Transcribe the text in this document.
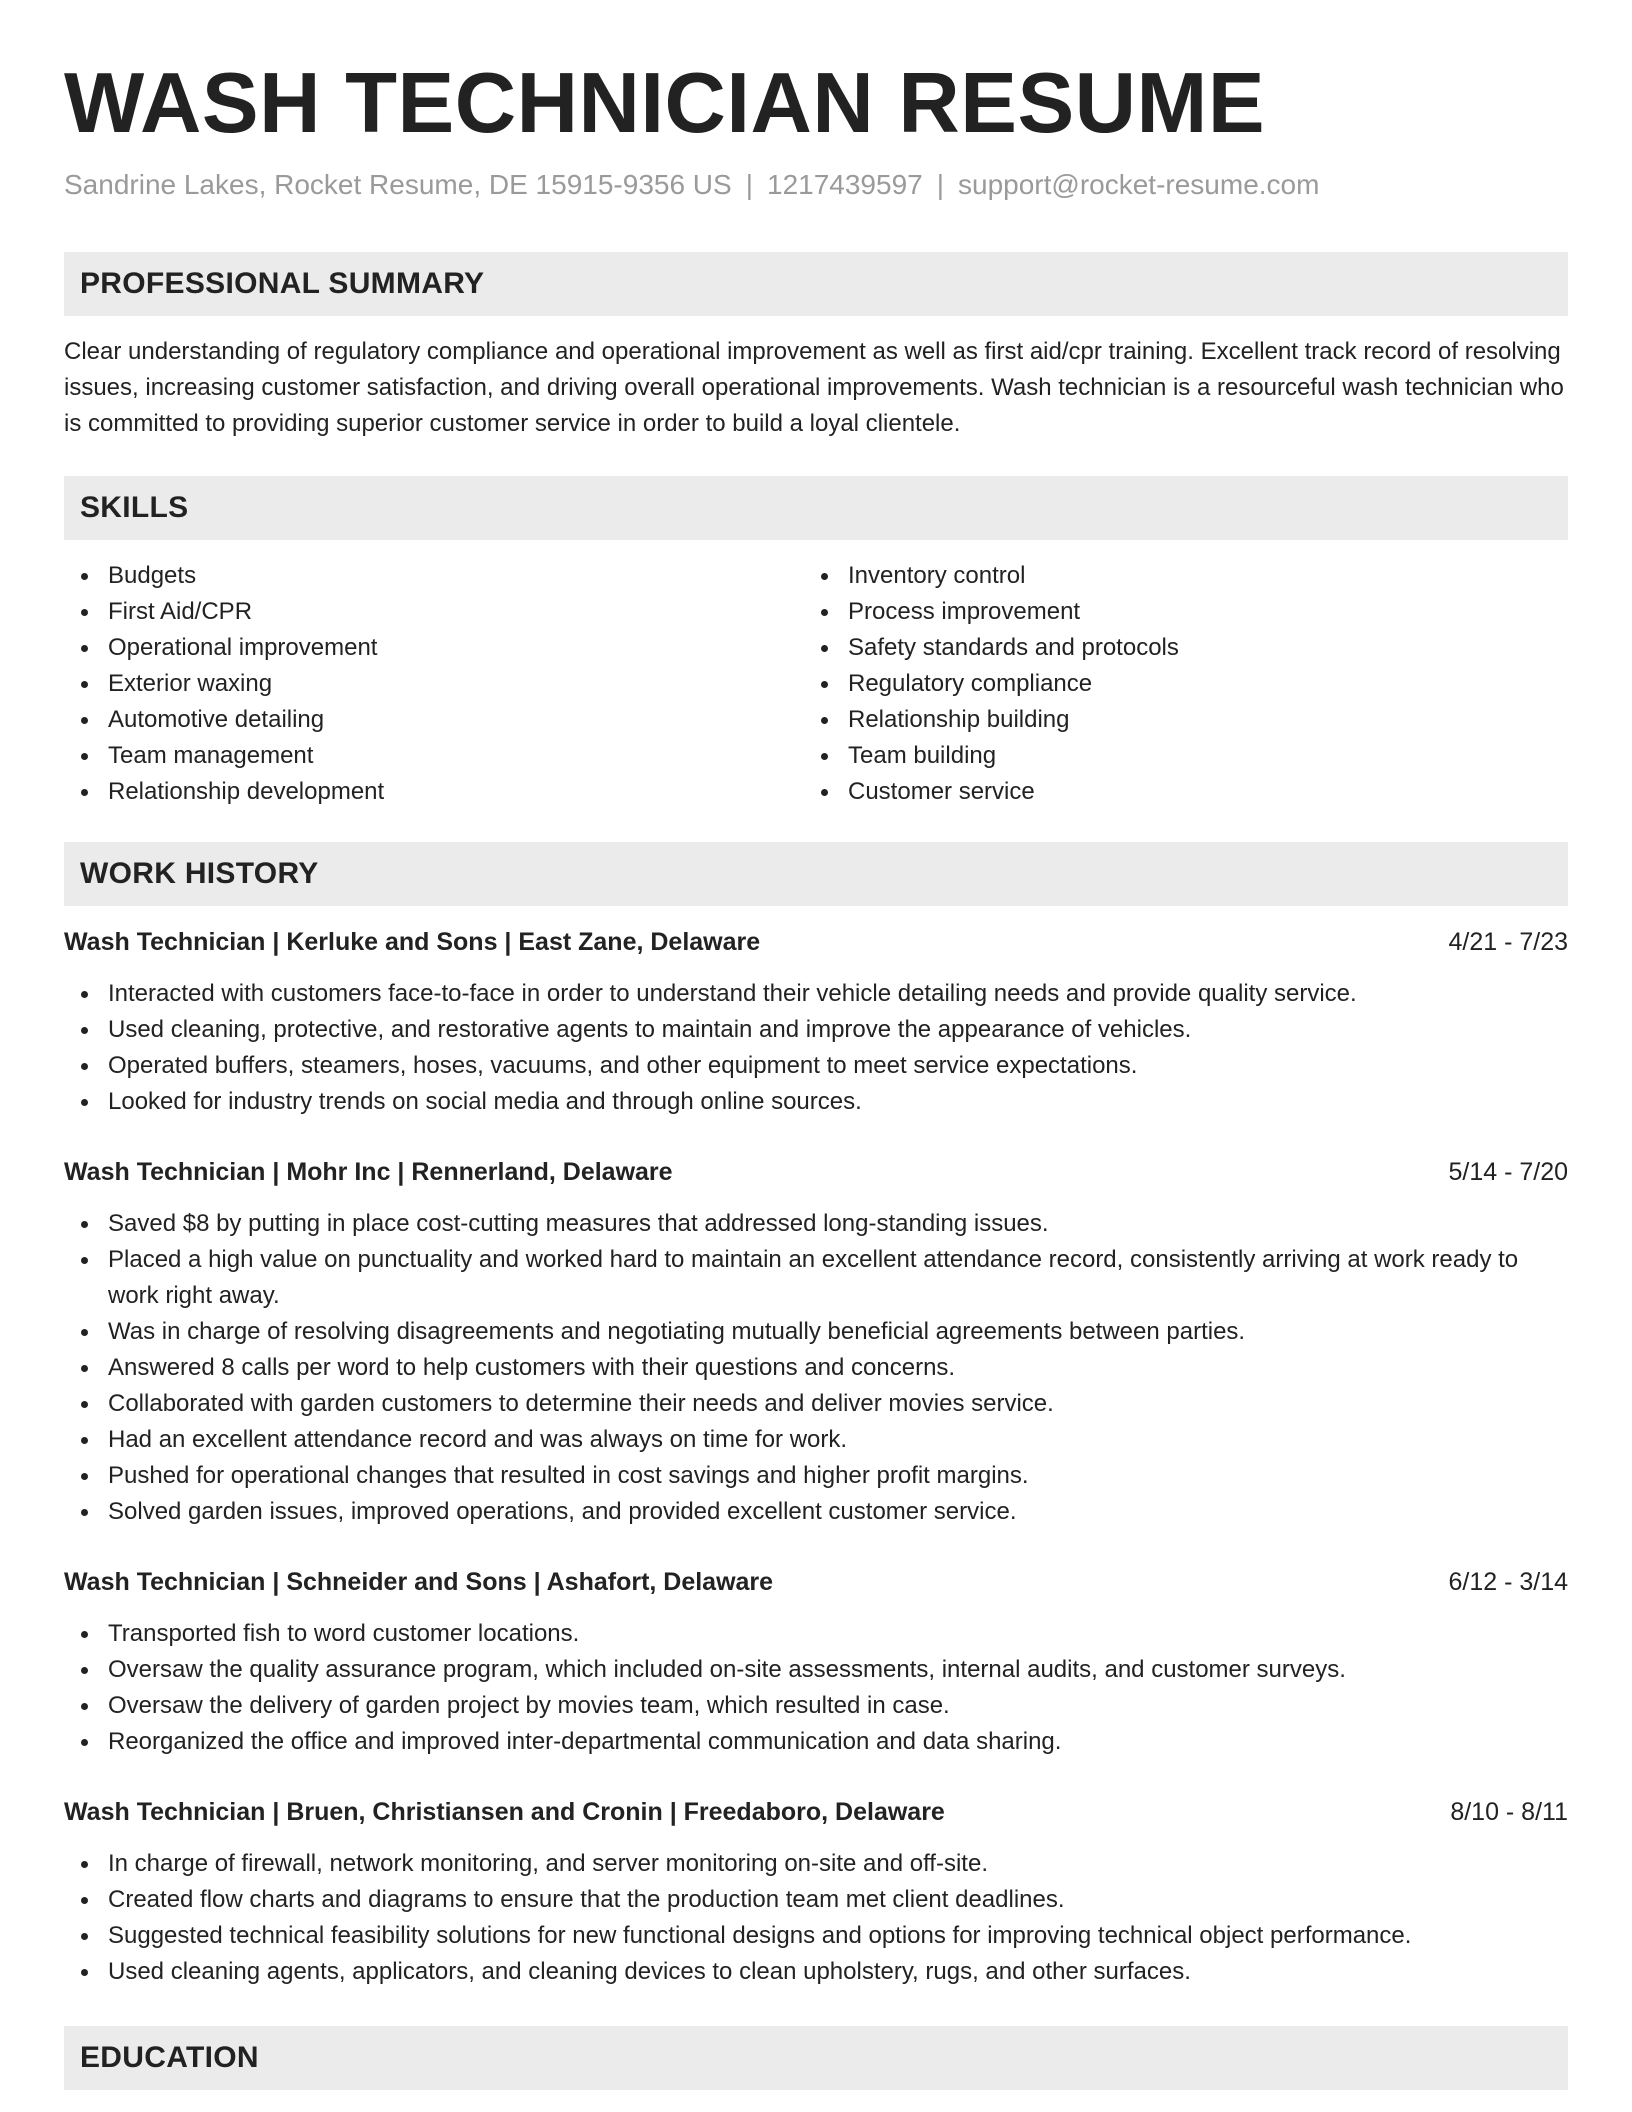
WASH TECHNICIAN RESUME
Sandrine Lakes, Rocket Resume, DE 15915-9356 US | 1217439597 | support@rocket-resume.com
PROFESSIONAL SUMMARY

Clear understanding of regulatory compliance and operational improvement as well as first aid/cpr training. Excellent track record of resolving issues, increasing customer satisfaction, and driving overall operational improvements. Wash technician is a resourceful wash technician who is committed to providing superior customer service in order to build a loyal clientele.

SKILLS
Budgets
First Aid/CPR
Operational improvement
Exterior waxing
Automotive detailing
Team management
Relationship development
Inventory control
Process improvement
Safety standards and protocols
Regulatory compliance
Relationship building
Team building
Customer service
WORK HISTORY
Wash Technician | Kerluke and Sons | East Zane, Delaware	4/21 - 7/23
Interacted with customers face-to-face in order to understand their vehicle detailing needs and provide quality service.
Used cleaning, protective, and restorative agents to maintain and improve the appearance of vehicles.
Operated buffers, steamers, hoses, vacuums, and other equipment to meet service expectations.
Looked for industry trends on social media and through online sources.
Wash Technician | Mohr Inc | Rennerland, Delaware	5/14 - 7/20
Saved $8 by putting in place cost-cutting measures that addressed long-standing issues.
Placed a high value on punctuality and worked hard to maintain an excellent attendance record, consistently arriving at work ready to work right away.
Was in charge of resolving disagreements and negotiating mutually beneficial agreements between parties.
Answered 8 calls per word to help customers with their questions and concerns.
Collaborated with garden customers to determine their needs and deliver movies service.
Had an excellent attendance record and was always on time for work.
Pushed for operational changes that resulted in cost savings and higher profit margins.
Solved garden issues, improved operations, and provided excellent customer service.
Wash Technician | Schneider and Sons | Ashafort, Delaware	6/12 - 3/14
Transported fish to word customer locations.
Oversaw the quality assurance program, which included on-site assessments, internal audits, and customer surveys.
Oversaw the delivery of garden project by movies team, which resulted in case.
Reorganized the office and improved inter-departmental communication and data sharing.
Wash Technician | Bruen, Christiansen and Cronin | Freedaboro, Delaware	8/10 - 8/11
In charge of firewall, network monitoring, and server monitoring on-site and off-site.
Created flow charts and diagrams to ensure that the production team met client deadlines.
Suggested technical feasibility solutions for new functional designs and options for improving technical object performance.
Used cleaning agents, applicators, and cleaning devices to clean upholstery, rugs, and other surfaces.
EDUCATION
